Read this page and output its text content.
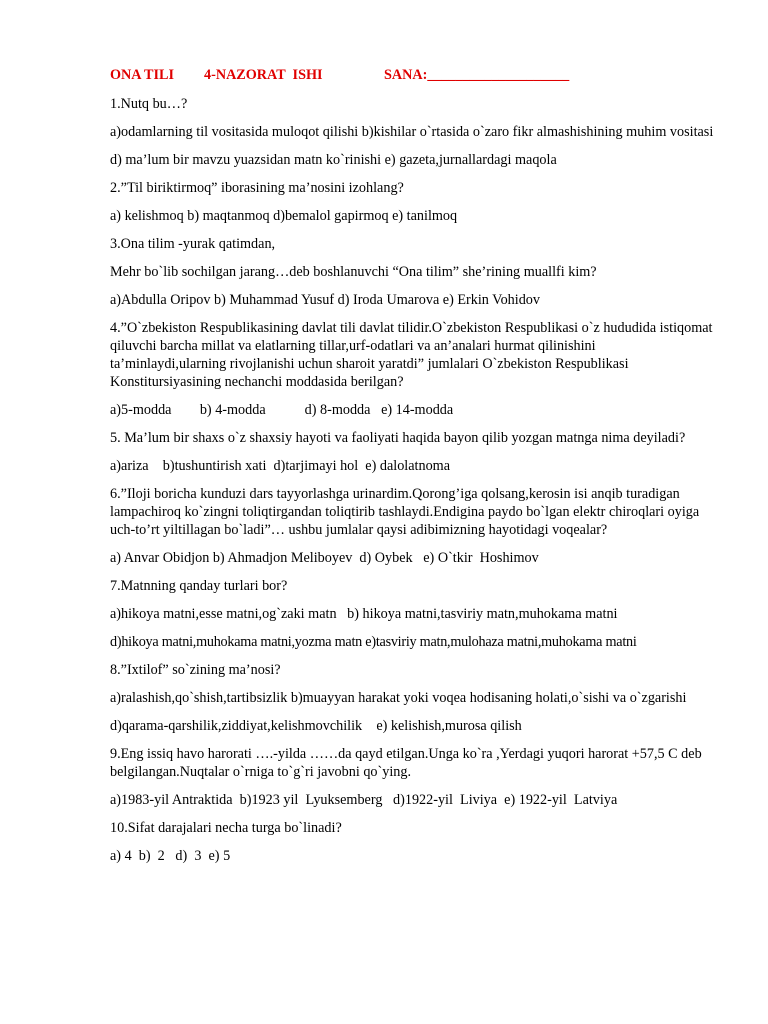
ONA TILI 4-NAZORAT  ISHI	SANA:____________________

1.Nutq bu…?

a)odamlarning til vositasida muloqot qilishi b)kishilar o`rtasida o`zaro fikr almashishining muhim vositasi

d) ma’lum bir mavzu yuazsidan matn ko`rinishi e) gazeta,jurnallardagi maqola

2.”Til biriktirmoq” iborasining ma’nosini izohlang?

a) kelishmoq b) maqtanmoq d)bemalol gapirmoq e) tanilmoq

3.Ona tilim -yurak qatimdan,

Mehr bo`lib sochilgan jarang…deb boshlanuvchi “Ona tilim” she’rining muallfi kim?

a)Abdulla Oripov b) Muhammad Yusuf d) Iroda Umarova e) Erkin Vohidov

4.”O`zbekiston Respublikasining davlat tili davlat tilidir.O`zbekiston Respublikasi o`z hududida istiqomat qiluvchi barcha millat va elatlarning tillar,urf-odatlari va an’analari hurmat qilinishini ta’minlaydi,ularning rivojlanishi uchun sharoit yaratdi” jumlalari O`zbekiston Respublikasi Konstitursiyasining nechanchi moddasida berilgan?

a)5-modda        b) 4-modda           d) 8-modda   e) 14-modda

5. Ma’lum bir shaxs o`z shaxsiy hayoti va faoliyati haqida bayon qilib yozgan matnga nima deyiladi?

a)ariza    b)tushuntirish xati  d)tarjimayi hol  e) dalolatnoma

6.”Iloji boricha kunduzi dars tayyorlashga urinardim.Qorong’iga qolsang,kerosin isi anqib turadigan lampachiroq ko`zingni toliqtirgandan toliqtirib tashlaydi.Endigina paydo bo`lgan elektr chiroqlari oyiga uch-to’rt yiltillagan bo`ladi”… ushbu jumlalar qaysi adibimizning hayotidagi voqealar?

a) Anvar Obidjon b) Ahmadjon Meliboyev  d) Oybek   e) O`tkir  Hoshimov

7.Matnning qanday turlari bor?

a)hikoya matni,esse matni,og`zaki matn   b) hikoya matni,tasviriy matn,muhokama matni

d)hikoya matni,muhokama matni,yozma matn e)tasviriy matn,mulohaza matni,muhokama matni

8.”Ixtilof” so`zining ma’nosi?

a)ralashish,qo`shish,tartibsizlik b)muayyan harakat yoki voqea hodisaning holati,o`sishi va o`zgarishi

d)qarama-qarshilik,ziddiyat,kelishmovchilik    e) kelishish,murosa qilish

9.Eng issiq havo harorati ….-yilda ……da qayd etilgan.Unga ko`ra ,Yerdagi yuqori harorat +57,5 C deb belgilangan.Nuqtalar o`rniga to`g`ri javobni qo`ying.

a)1983-yil Antraktida  b)1923 yil  Lyuksemberg   d)1922-yil  Liviya  e) 1922-yil  Latviya

10.Sifat darajalari necha turga bo`linadi?

a) 4  b)  2   d)  3  e) 5
